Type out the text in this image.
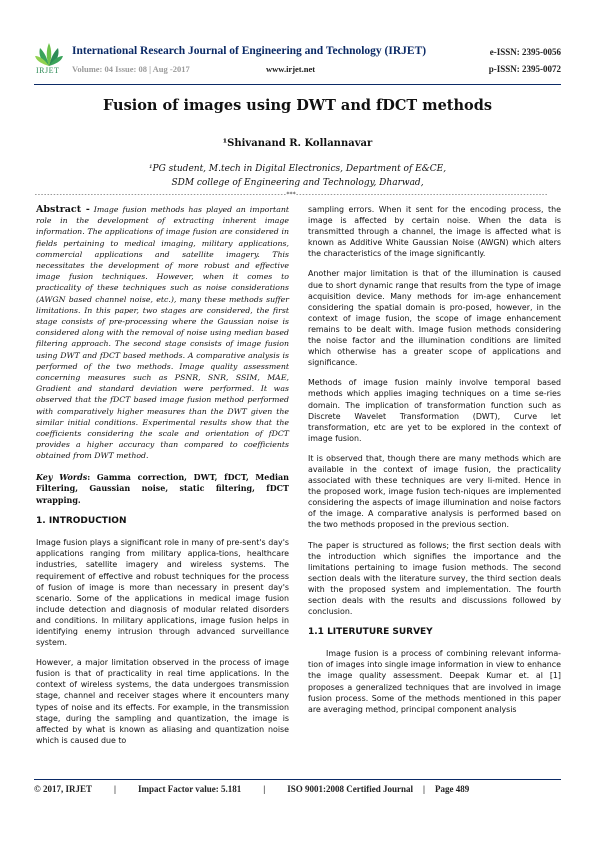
IRJET
International Research Journal of Engineering and Technology (IRJET)
Volume: 04 Issue: 08 | Aug -2017	www.irjet.net
e-ISSN: 2395-0056
p-ISSN: 2395-0072
Fusion of images using DWT and fDCT methods
¹Shivanand R. Kollannavar
¹PG student, M.tech in Digital Electronics, Department of E&CE,
SDM college of Engineering and Technology, Dharwad,
---------------------------------------------------------------------------------***---------------------------------------------------------------------------------

Abstract - Image fusion methods has played an important role in the development of extracting inherent image information. The applications of image fusion are considered in fields pertaining to medical imaging, military applications, commercial applications and satellite imagery. This necessitates the development of more robust and effective image fusion techniques. However, when it comes to practicality of these techniques such as noise considerations (AWGN based channel noise, etc.), many these methods suffer limitations. In this paper, two stages are considered, the first stage consists of pre-processing where the Gaussian noise is considered along with the removal of noise using median based filtering approach. The second stage consists of image fusion using DWT and fDCT based methods. A comparative analysis is performed of the two methods. Image quality assessment concerning measures such as PSNR, SNR, SSIM, MAE, Gradient and standard deviation were performed. It was observed that the fDCT based image fusion method performed with comparatively higher measures than the DWT given the similar initial conditions. Experimental results show that the coefficients considering the scale and orientation of fDCT provides a higher accuracy than compared to coefficients obtained from DWT method.

Key Words: Gamma correction, DWT, fDCT, Median Filtering, Gaussian noise, static filtering, fDCT wrapping.

1. INTRODUCTION

Image fusion plays a significant role in many of pre-sent's day's applications ranging from military applica-tions, healthcare industries, satellite imagery and wireless systems. The requirement of effective and robust techniques for the process of fusion of image is more than necessary in present day's scenario. Some of the applications in medical image fusion include detection and diagnosis of modular related disorders and conditions. In military applications, image fusion helps in identifying enemy intrusion through advanced surveillance system.

However, a major limitation observed in the process of image fusion is that of practicality in real time applications. In the context of wireless systems, the data undergoes transmission stage, channel and receiver stages where it encounters many types of noise and its effects. For example, in the transmission stage, during the sampling and quantization, the image is affected by what is known as aliasing and quantization noise which is caused due to

sampling errors. When it sent for the encoding process, the image is affected by certain noise. When the data is transmitted through a channel, the image is affected what is known as Additive White Gaussian Noise (AWGN) which alters the characteristics of the image significantly.

Another major limitation is that of the illumination is caused due to short dynamic range that results from the type of image acquisition device. Many methods for im-age enhancement considering the spatial domain is pro-posed, however, in the context of image fusion, the scope of image enhancement remains to be dealt with. Image fusion methods considering the noise factor and the illumination conditions are limited which otherwise has a greater scope of applications and significance.

Methods of image fusion mainly involve temporal based methods which applies imaging techniques on a time se-ries domain. The implication of transformation function such as Discrete Wavelet Transformation (DWT), Curve let transformation, etc are yet to be explored in the context of image fusion.

It is observed that, though there are many methods which are available in the context of image fusion, the practicality associated with these techniques are very li-mited. Hence in the proposed work, image fusion tech-niques are implemented considering the aspects of image illumination and noise factors of the image. A comparative analysis is performed based on the two methods proposed in the previous section.

The paper is structured as follows; the first section deals with the introduction which signifies the importance and the limitations pertaining to image fusion methods. The second section deals with the literature survey, the third section deals with the proposed system and implementation. The fourth section deals with the results and discussions followed by conclusion.

1.1 LITERUTURE SURVEY

Image fusion is a process of combining relevant informa-tion of images into single image information in view to enhance the image quality assessment. Deepak Kumar et. al [1] proposes a generalized techniques that are involved in image fusion process. Some of the methods mentioned in this paper are averaging method, principal component analysis

© 2017, IRJET | Impact Factor value: 5.181 | ISO 9001:2008 Certified Journal | Page 489
